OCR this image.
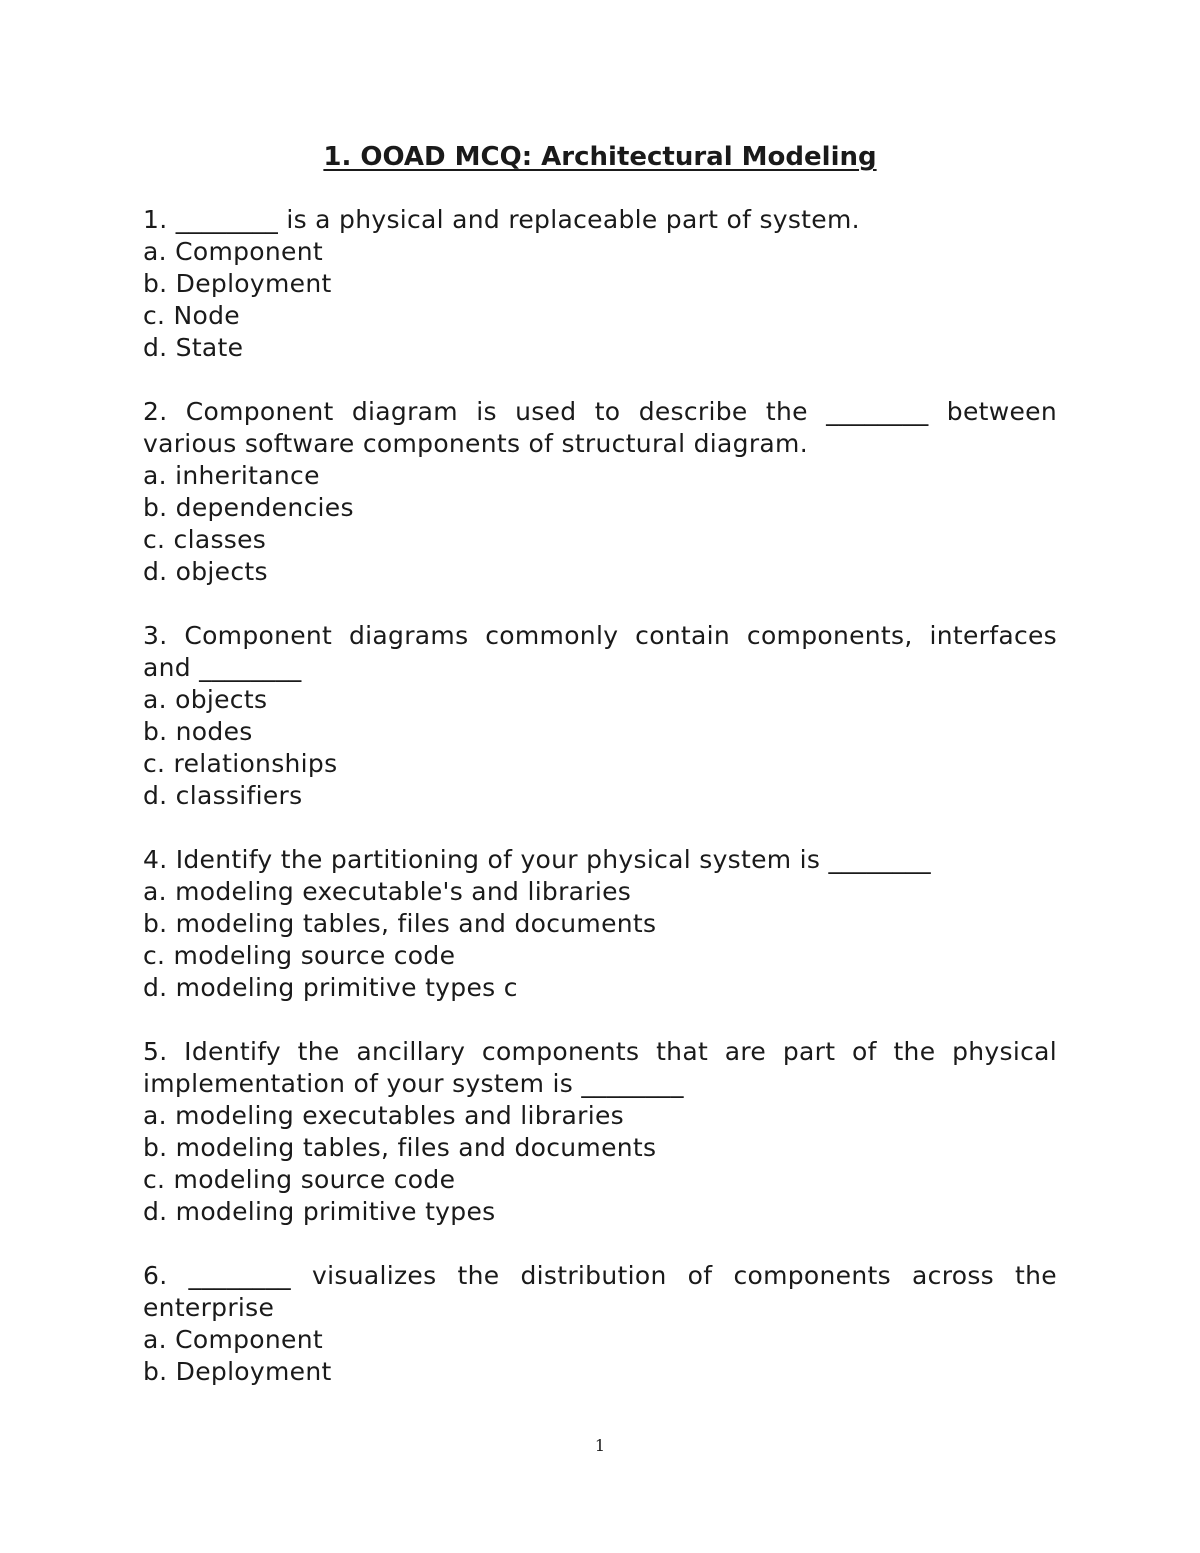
1. OOAD MCQ: Architectural Modeling

1. ________ is a physical and replaceable part of system.

a. Component

b. Deployment

c. Node

d. State

2. Component diagram is used to describe the ________ between various software components of structural diagram.

a. inheritance

b. dependencies

c. classes

d. objects

3. Component diagrams commonly contain components, interfaces and ________

a. objects

b. nodes

c. relationships

d. classifiers

4. Identify the partitioning of your physical system is ________

a. modeling executable's and libraries

b. modeling tables, files and documents

c. modeling source code

d. modeling primitive types c

5. Identify the ancillary components that are part of the physical implementation of your system is ________

a. modeling executables and libraries

b. modeling tables, files and documents

c. modeling source code

d. modeling primitive types

6. ________ visualizes the distribution of components across the enterprise

a. Component

b. Deployment

1
